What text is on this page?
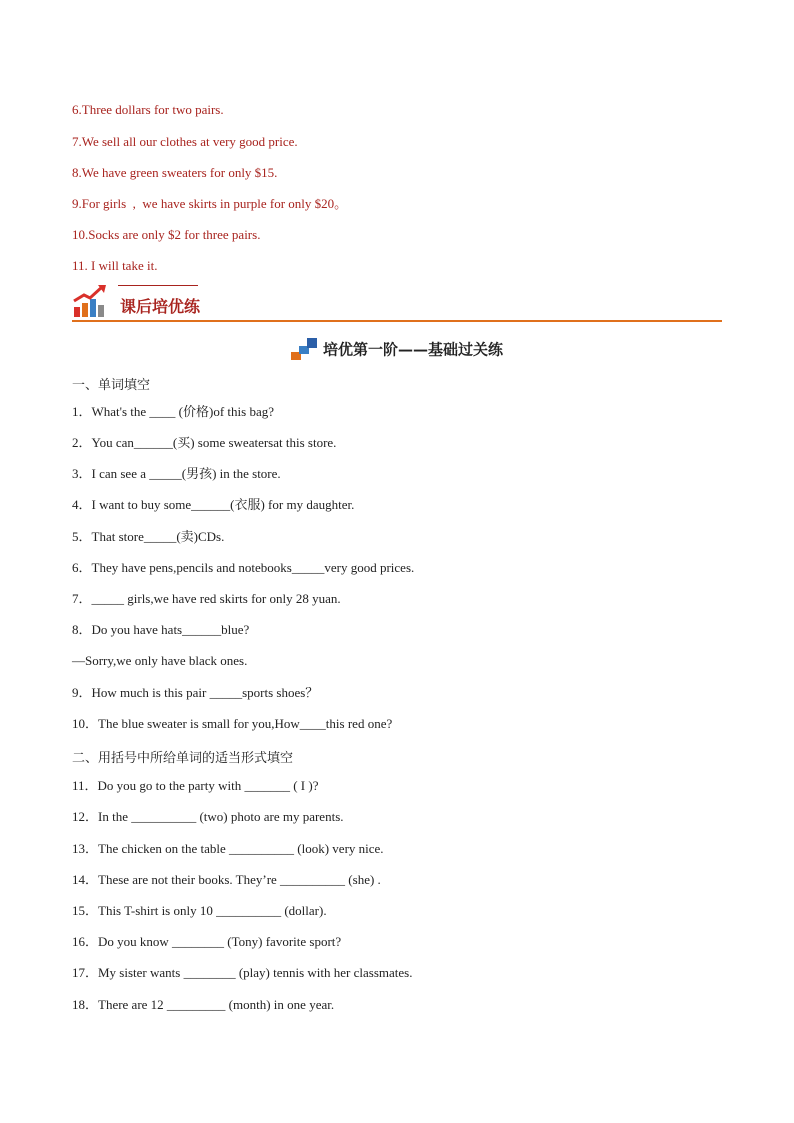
6.Three dollars for two pairs.
7.We sell all our clothes at very good price.
8.We have green sweaters for only $15.
9.For girls  ,  we have skirts in purple for only $20。
10.Socks are only $2 for three pairs.
11. I will take it.
课后培优练
培优第一阶——基础过关练
一、单词填空
1．What's the ____ (价格)of this bag?
2．You can______(买) some sweatersat this store.
3．I can see a _____(男孩) in the store.
4．I want to buy some______(衣服) for my daughter.
5．That store_____(卖)CDs.
6．They have pens,pencils and notebooks_____very good prices.
7．_____ girls,we have red skirts for only 28 yuan.
8．Do you have hats______blue?
—Sorry,we only have black ones.
9．How much is this pair _____sports shoes？
10．The blue sweater is small for you,How____this red one?
二、用括号中所给单词的适当形式填空
11．Do you go to the party with _______ ( I )?
12．In the __________ (two) photo are my parents.
13．The chicken on the table __________ (look) very nice.
14．These are not their books. They’re __________ (she) .
15．This T-shirt is only 10 __________ (dollar).
16．Do you know ________ (Tony) favorite sport?
17．My sister wants ________ (play) tennis with her classmates.
18．There are 12 _________ (month) in one year.
